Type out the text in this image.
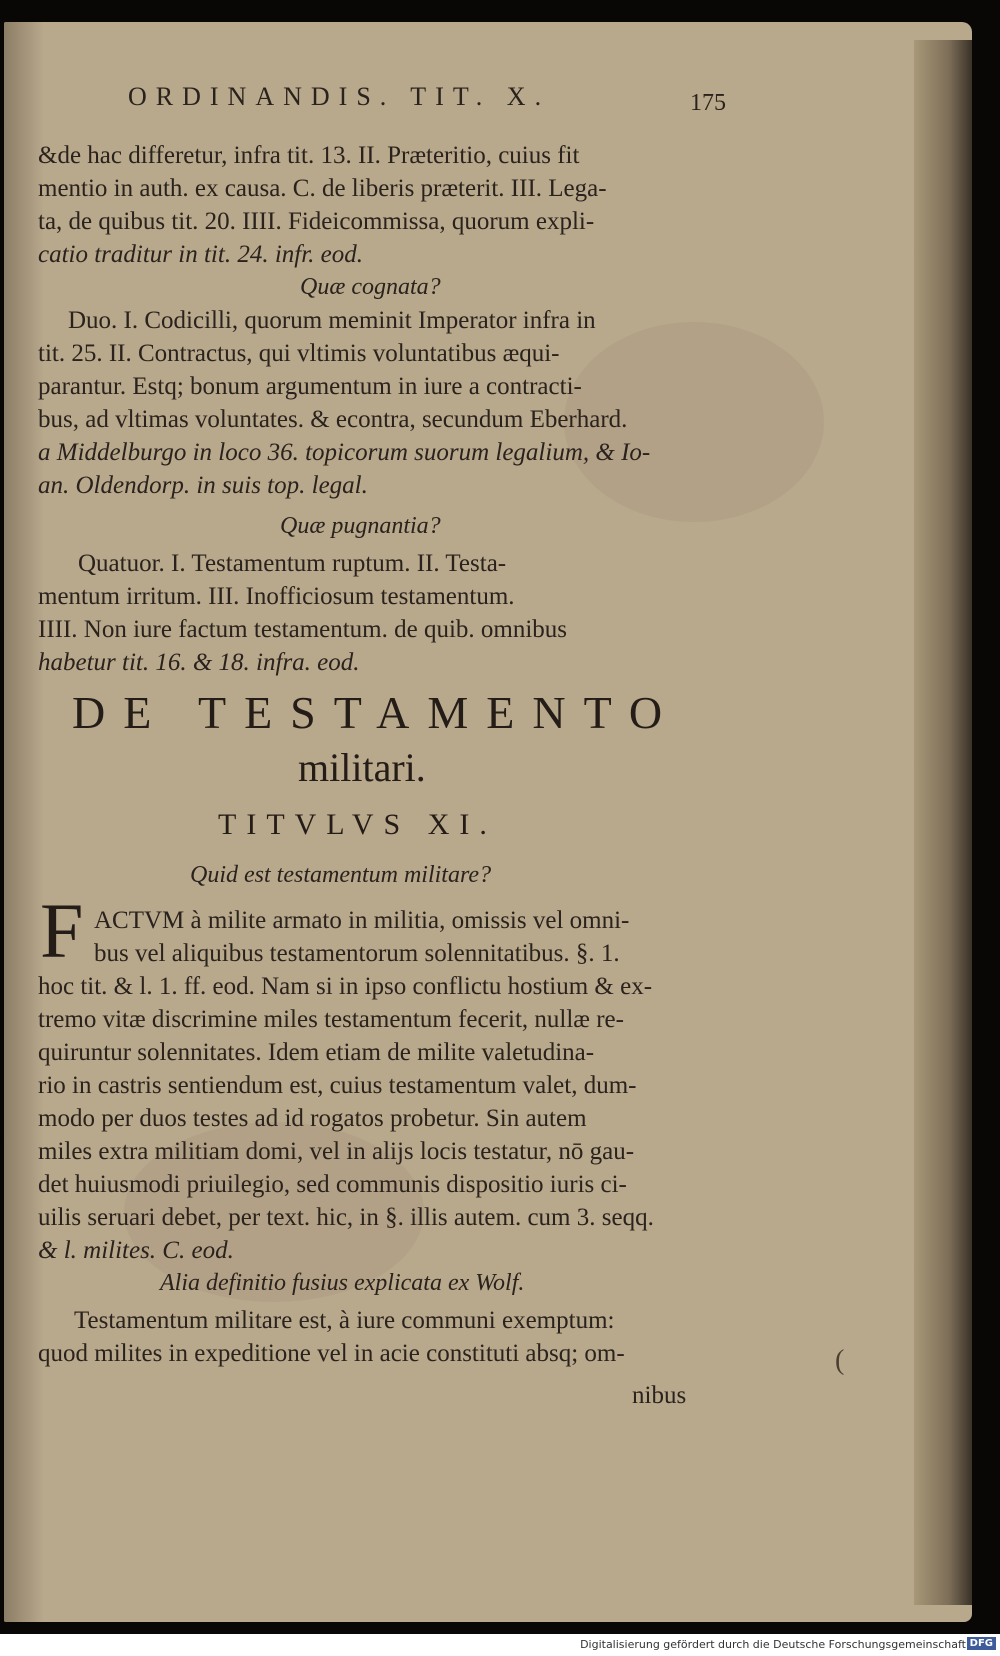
ORDINANDIS. TIT. X.	175
&de hac differetur, infra tit. 13. II. Præteritio, cuius fit
mentio in auth. ex causa. C. de liberis præterit. III. Lega-
ta, de quibus tit. 20. IIII. Fideicommissa, quorum expli-
catio traditur in tit. 24. infr. eod.
Quæ cognata?
Duo. I. Codicilli, quorum meminit Imperator infra in
tit. 25. II. Contractus, qui vltimis voluntatibus æqui-
parantur. Estq; bonum argumentum in iure a contracti-
bus, ad vltimas voluntates. & econtra, secundum Eberhard.
a Middelburgo in loco 36. topicorum suorum legalium, & Io-
an. Oldendorp. in suis top. legal.
Quæ pugnantia?
Quatuor. I. Testamentum ruptum. II. Testa-
mentum irritum. III. Inofficiosum testamentum.
IIII. Non iure factum testamentum. de quib. omnibus
habetur tit. 16. & 18. infra. eod.
DE TESTAMENTO
militari.
TITVLVS XI.
Quid est testamentum militare?
F ACTVM à milite armato in militia, omissis vel omni-
bus vel aliquibus testamentorum solennitatibus. §. 1.
hoc tit. & l. 1. ff. eod. Nam si in ipso conflictu hostium & ex-
tremo vitæ discrimine miles testamentum fecerit, nullæ re-
quiruntur solennitates. Idem etiam de milite valetudina-
rio in castris sentiendum est, cuius testamentum valet, dum-
modo per duos testes ad id rogatos probetur. Sin autem
miles extra militiam domi, vel in alijs locis testatur, nō gau-
det huiusmodi priuilegio, sed communis dispositio iuris ci-
uilis seruari debet, per text. hic, in §. illis autem. cum 3. seqq.
& l. milites. C. eod.
Alia definitio fusius explicata ex Wolf.
Testamentum militare est, à iure communi exemptum:
quod milites in expeditione vel in acie constituti absq; om-
nibus
(
Digitalisierung gefördert durch die Deutsche Forschungsgemeinschaft DFG
